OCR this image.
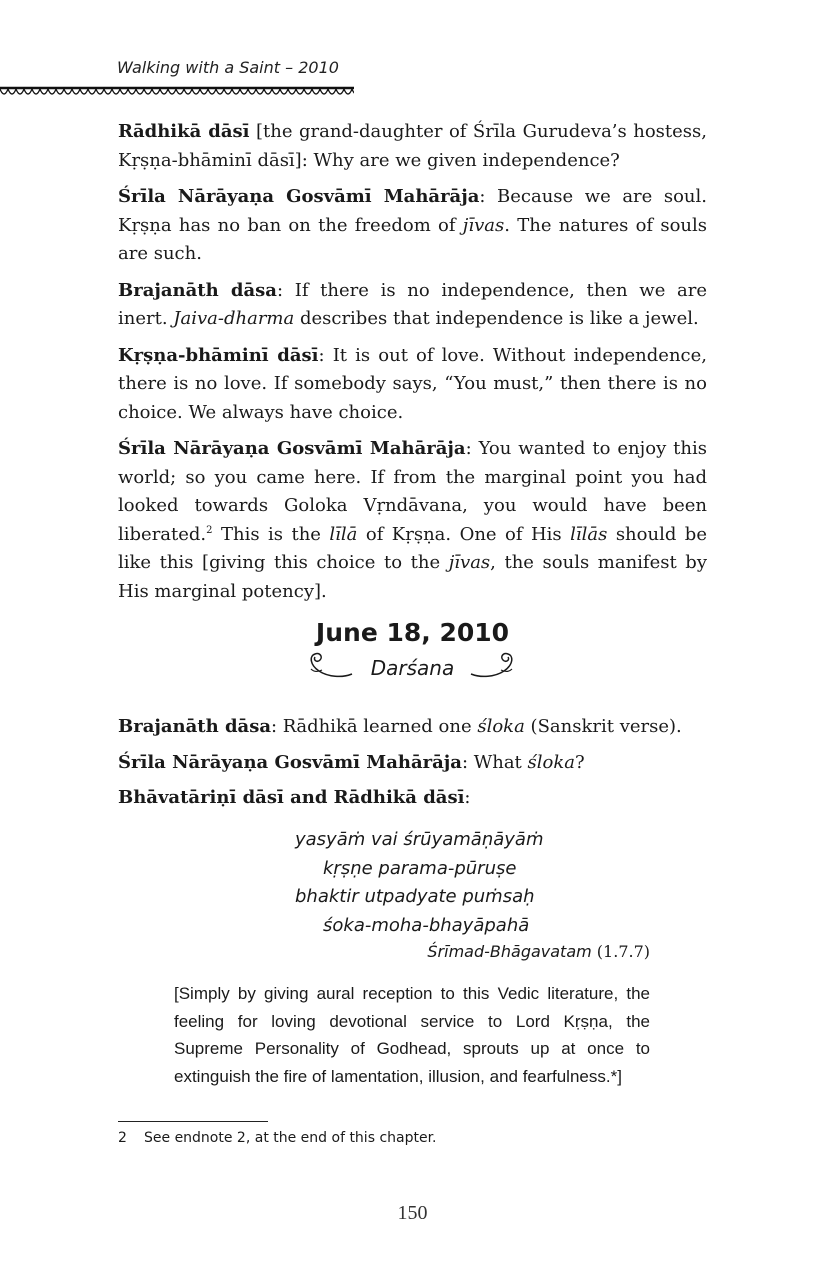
Walking with a Saint – 2010

Rādhikā dāsī [the grand-daughter of Śrīla Gurudeva’s hostess, Kṛṣṇa-bhāminī dāsī]: Why are we given independence?

Śrīla Nārāyaṇa Gosvāmī Mahārāja: Because we are soul. Kṛṣṇa has no ban on the freedom of jīvas. The natures of souls are such.

Brajanāth dāsa: If there is no independence, then we are inert. Jaiva-dharma describes that independence is like a jewel.

Kṛṣṇa-bhāminī dāsī: It is out of love. Without independence, there is no love. If somebody says, “You must,” then there is no choice. We always have choice.

Śrīla Nārāyaṇa Gosvāmī Mahārāja: You wanted to enjoy this world; so you came here. If from the marginal point you had looked towards Goloka Vṛndāvana, you would have been liberated.$^2$ This is the līlā of Kṛṣṇa. One of His līlās should be like this [giving this choice to the jīvas, the souls manifest by His marginal potency].

June 18, 2010
Darśana

Brajanāth dāsa: Rādhikā learned one śloka (Sanskrit verse).

Śrīla Nārāyaṇa Gosvāmī Mahārāja: What śloka?

Bhāvatāriṇī dāsī and Rādhikā dāsī:

yasyāṁ vai śrūyamāṇāyāṁ
kṛṣṇe parama-pūruṣe
bhaktir utpadyate puṁsaḥ
śoka-moha-bhayāpahā
Śrīmad-Bhāgavatam (1.7.7)

[Simply by giving aural reception to this Vedic literature, the feeling for loving devotional service to Lord Kṛṣṇa, the Supreme Personality of Godhead, sprouts up at once to extinguish the fire of lamentation, illusion, and fearfulness.*]

2 See endnote 2, at the end of this chapter.
150
